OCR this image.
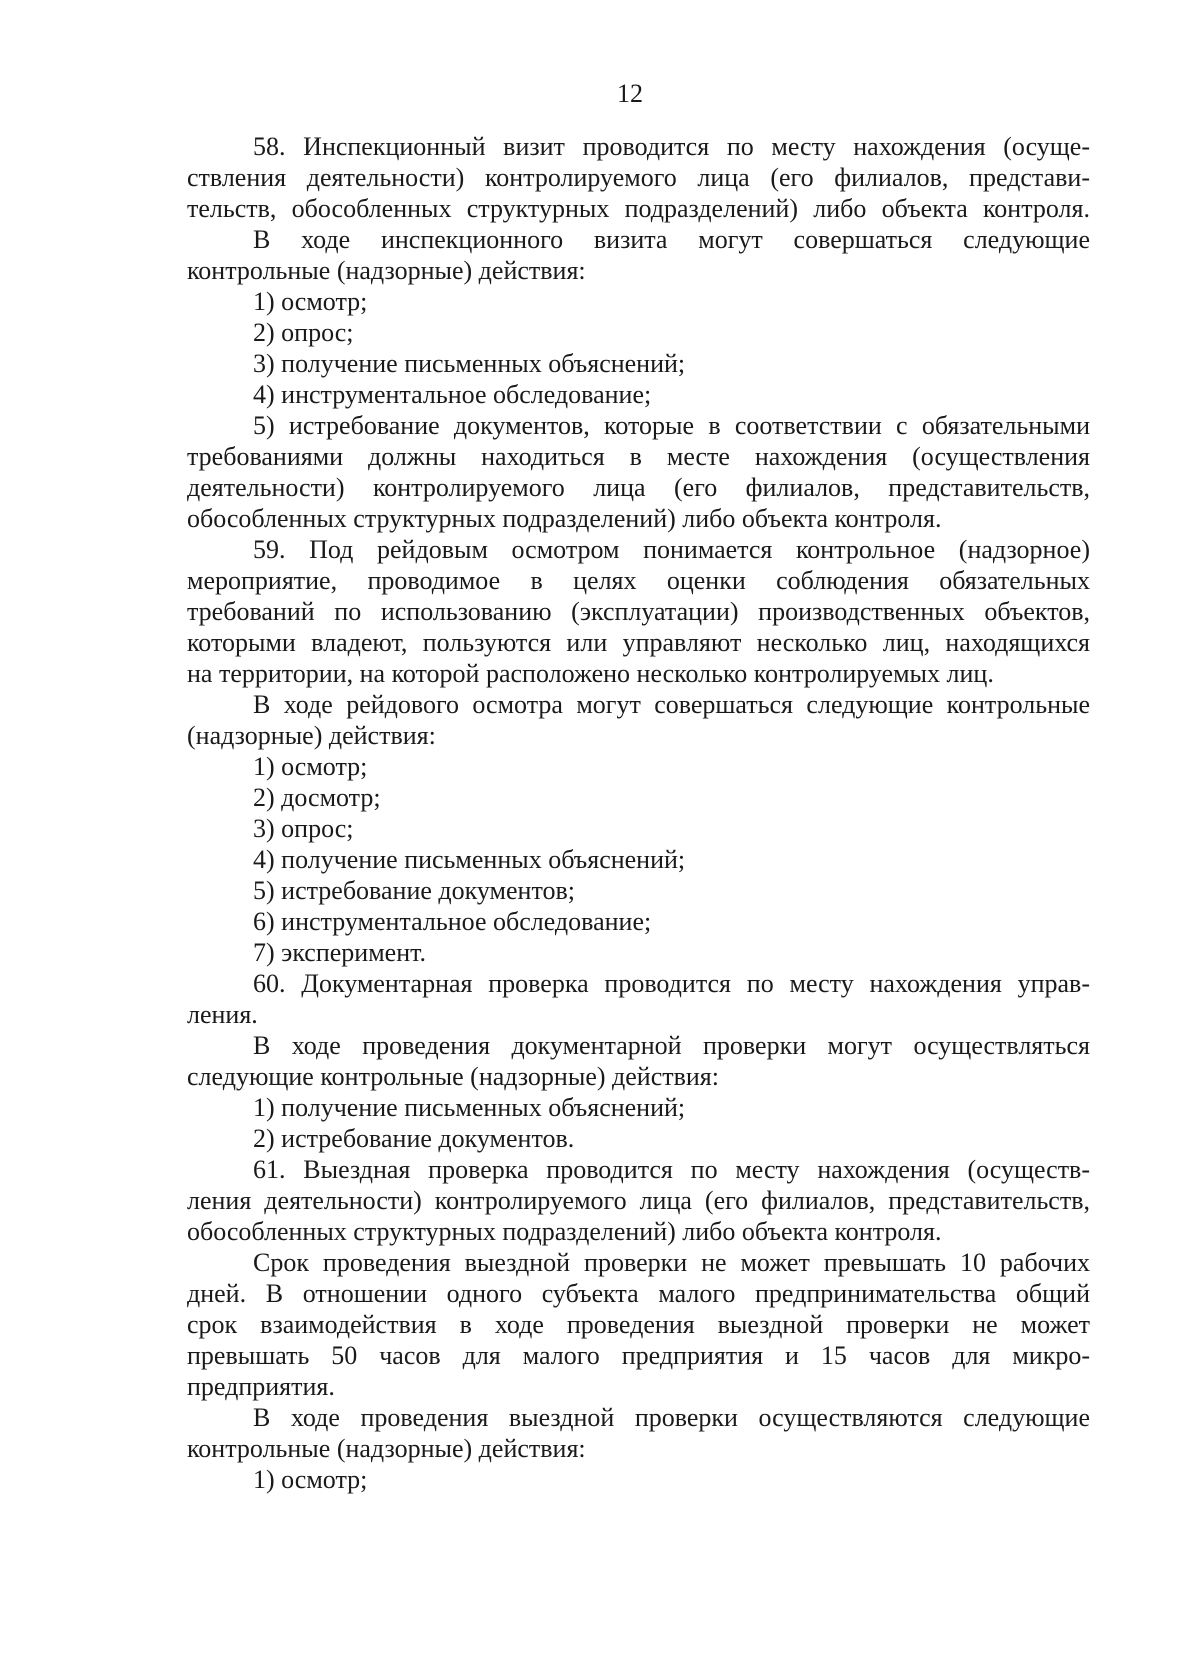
12
58. Инспекционный визит проводится по месту нахождения (осуще-
ствления деятельности) контролируемого лица (его филиалов, представи-
тельств, обособленных структурных подразделений) либо объекта контроля.
В ходе инспекционного визита могут совершаться следующие
контрольные (надзорные) действия:
1) осмотр;
2) опрос;
3) получение письменных объяснений;
4) инструментальное обследование;
5) истребование документов, которые в соответствии с обязательными
требованиями должны находиться в месте нахождения (осуществления
деятельности) контролируемого лица (его филиалов, представительств,
обособленных структурных подразделений) либо объекта контроля.
59. Под рейдовым осмотром понимается контрольное (надзорное)
мероприятие, проводимое в целях оценки соблюдения обязательных
требований по использованию (эксплуатации) производственных объектов,
которыми владеют, пользуются или управляют несколько лиц, находящихся
на территории, на которой расположено несколько контролируемых лиц.
В ходе рейдового осмотра могут совершаться следующие контрольные
(надзорные) действия:
1) осмотр;
2) досмотр;
3) опрос;
4) получение письменных объяснений;
5) истребование документов;
6) инструментальное обследование;
7) эксперимент.
60. Документарная проверка проводится по месту нахождения управ-
ления.
В ходе проведения документарной проверки могут осуществляться
следующие контрольные (надзорные) действия:
1) получение письменных объяснений;
2) истребование документов.
61. Выездная проверка проводится по месту нахождения (осуществ-
ления деятельности) контролируемого лица (его филиалов, представительств,
обособленных структурных подразделений) либо объекта контроля.
Срок проведения выездной проверки не может превышать 10 рабочих
дней. В отношении одного субъекта малого предпринимательства общий
срок взаимодействия в ходе проведения выездной проверки не может
превышать 50 часов для малого предприятия и 15 часов для микро-
предприятия.
В ходе проведения выездной проверки осуществляются следующие
контрольные (надзорные) действия:
1) осмотр;
